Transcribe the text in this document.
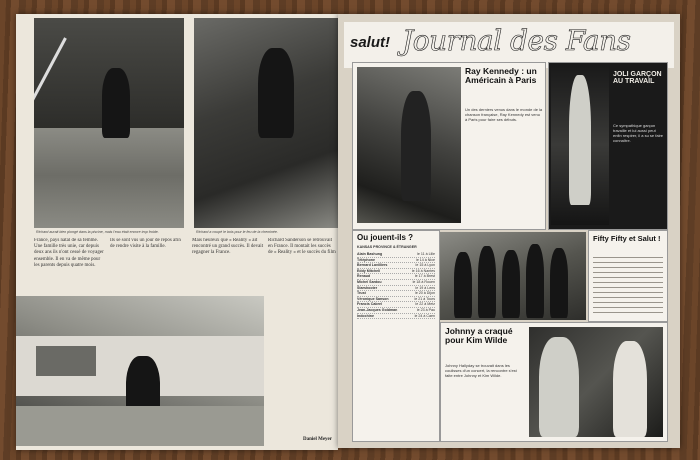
Richard aurait bien plongé dans la piscine, mais l'eau était encore trop froide.	Richard a coupé le bois pour le feu de la cheminée.

France, pays natal de sa femme. Une famille très unie, car depuis deux ans ils n'ont cessé de voyager ensemble. Il en va de même pour les parents depuis quatre mois.

Ils se sont vus un jour de repos afin de rendre visite à la famille.

Mais heureux que « Reality » ait rencontré un grand succès. Il devait regagner la France.

Richard Sanderson se retrouvait en France. Il montait les succès de « Reality » et le succès du film

Daniel Meyer
salut! Journal des Fans
Ray Kennedy : un Américain à Paris
Un des derniers venus dans le monde de la chanson française, Ray Kennedy est venu à Paris pour faire ses débuts.
JOLI GARÇON AU TRAVAIL
Ce sympathique garçon travaille et lui aussi peut enfin respirer, il a su se faire connaître.
Ou jouent-ils ?
KANSAS PROVINCE & ÉTRANGER
Alain Bashung	le 11 à Lille
Téléphone	le 14 à Nice
Bernard Lavilliers	le 15 à Lyon
Eddy Mitchell	le 16 à Nantes
Renaud	le 17 à Brest
Michel Sardou	le 18 à Rouen
Starshooter	le 19 à Lens
Trust	le 20 à Dijon
Véronique Sanson	le 21 à Tours
Francis Cabrel	le 22 à Metz
Jean-Jacques Goldman	le 23 à Pau
Indochine	le 24 à Caen
Fifty Fifty et Salut !
Johnny a craqué pour Kim Wilde
Johnny Hallyday se trouvait dans les coulisses d'un concert, la rencontre s'est faite entre Johnny et Kim Wilde.
